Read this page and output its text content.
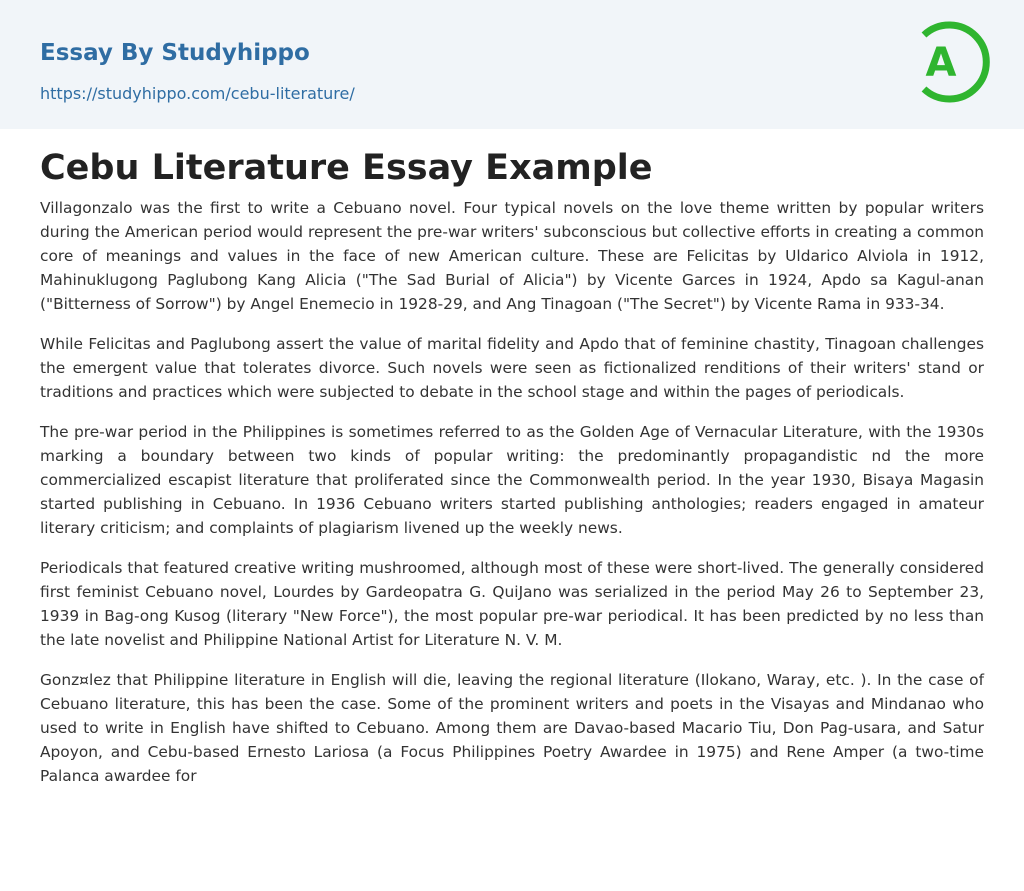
Essay By Studyhippo
https://studyhippo.com/cebu-literature/
A
Cebu Literature Essay Example

Villagonzalo was the first to write a Cebuano novel. Four typical novels on the love theme written by popular writers during the American period would represent the pre-war writers' subconscious but collective efforts in creating a common core of meanings and values in the face of new American culture. These are Felicitas by Uldarico Alviola in 1912, Mahinuklugong Paglubong Kang Alicia ("The Sad Burial of Alicia") by Vicente Garces in 1924, Apdo sa Kagul-anan ("Bitterness of Sorrow") by Angel Enemecio in 1928-29, and Ang Tinagoan ("The Secret") by Vicente Rama in 933-34.

While Felicitas and Paglubong assert the value of marital fidelity and Apdo that of feminine chastity, Tinagoan challenges the emergent value that tolerates divorce. Such novels were seen as fictionalized renditions of their writers' stand or traditions and practices which were subjected to debate in the school stage and within the pages of periodicals.

The pre-war period in the Philippines is sometimes referred to as the Golden Age of Vernacular Literature, with the 1930s marking a boundary between two kinds of popular writing: the predominantly propagandistic nd the more commercialized escapist literature that proliferated since the Commonwealth period. In the year 1930, Bisaya Magasin started publishing in Cebuano. In 1936 Cebuano writers started publishing anthologies; readers engaged in amateur literary criticism; and complaints of plagiarism livened up the weekly news.

Periodicals that featured creative writing mushroomed, although most of these were short-lived. The generally considered first feminist Cebuano novel, Lourdes by Gardeopatra G. QuiJano was serialized in the period May 26 to September 23, 1939 in Bag-ong Kusog (literary "New Force"), the most popular pre-war periodical. It has been predicted by no less than the late novelist and Philippine National Artist for Literature N. V. M.

Gonz¤lez that Philippine literature in English will die, leaving the regional literature (Ilokano, Waray, etc. ). In the case of Cebuano literature, this has been the case. Some of the prominent writers and poets in the Visayas and Mindanao who used to write in English have shifted to Cebuano. Among them are Davao-based Macario Tiu, Don Pag-usara, and Satur Apoyon, and Cebu-based Ernesto Lariosa (a Focus Philippines Poetry Awardee in 1975) and Rene Amper (a two-time Palanca awardee for
